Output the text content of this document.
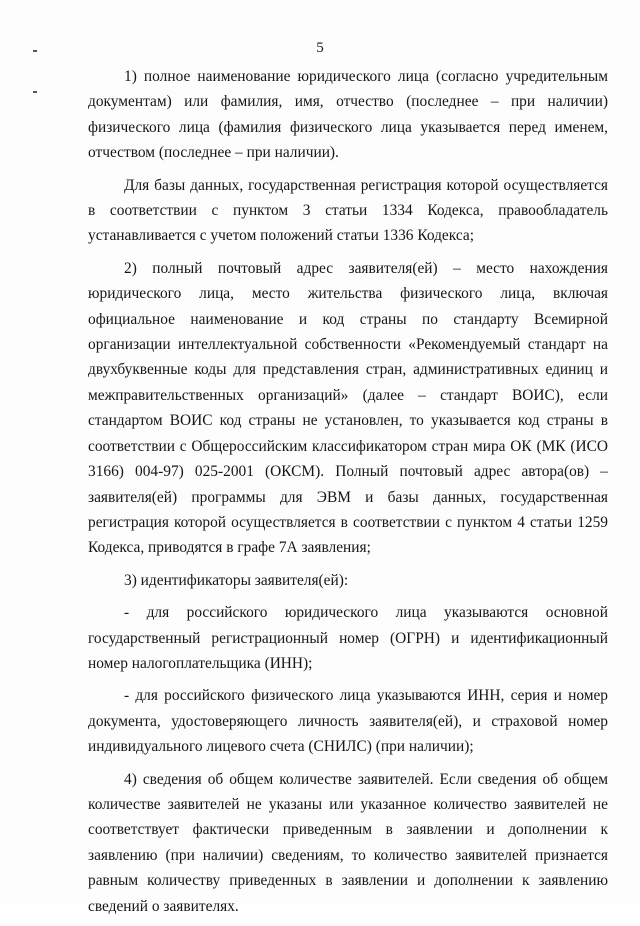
5

1) полное наименование юридического лица (согласно учредительным документам) или фамилия, имя, отчество (последнее – при наличии) физического лица (фамилия физического лица указывается перед именем, отчеством (последнее – при наличии).

Для базы данных, государственная регистрация которой осуществляется в соответствии с пунктом 3 статьи 1334 Кодекса, правообладатель устанавливается с учетом положений статьи 1336 Кодекса;

2) полный почтовый адрес заявителя(ей) – место нахождения юридического лица, место жительства физического лица, включая официальное наименование и код страны по стандарту Всемирной организации интеллектуальной собственности «Рекомендуемый стандарт на двухбуквенные коды для представления стран, административных единиц и межправительственных организаций» (далее – стандарт ВОИС), если стандартом ВОИС код страны не установлен, то указывается код страны в соответствии с Общероссийским классификатором стран мира ОК (МК (ИСО 3166) 004-97) 025-2001 (ОКСМ). Полный почтовый адрес автора(ов) – заявителя(ей) программы для ЭВМ и базы данных, государственная регистрация которой осуществляется в соответствии с пунктом 4 статьи 1259 Кодекса, приводятся в графе 7А заявления;

3) идентификаторы заявителя(ей):

- для российского юридического лица указываются основной государственный регистрационный номер (ОГРН) и идентификационный номер налогоплательщика (ИНН);

- для российского физического лица указываются ИНН, серия и номер документа, удостоверяющего личность заявителя(ей), и страховой номер индивидуального лицевого счета (СНИЛС) (при наличии);

4) сведения об общем количестве заявителей. Если сведения об общем количестве заявителей не указаны или указанное количество заявителей не соответствует фактически приведенным в заявлении и дополнении к заявлению (при наличии) сведениям, то количество заявителей признается равным количеству приведенных в заявлении и дополнении к заявлению сведений о заявителях.
